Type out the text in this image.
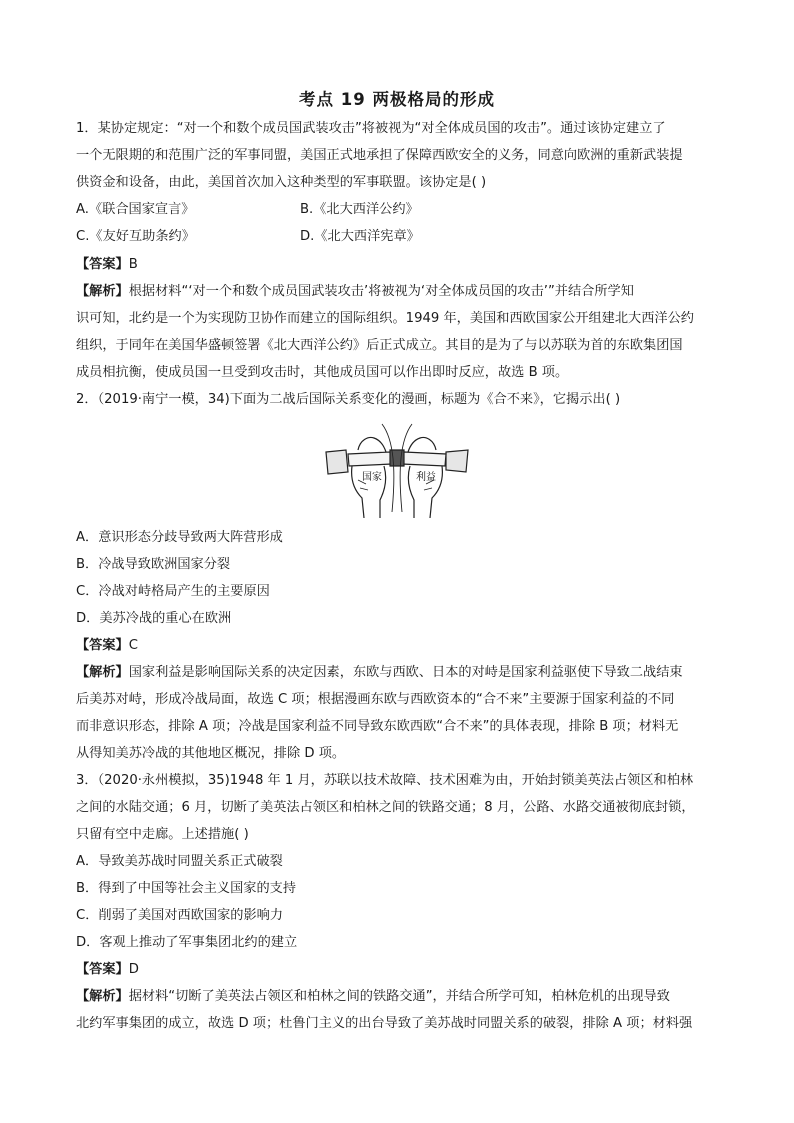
考点 19 两极格局的形成
1．某协定规定：“对一个和数个成员国武装攻击”将被视为“对全体成员国的攻击”。通过该协定建立了
一个无限期的和范围广泛的军事同盟，美国正式地承担了保障西欧安全的义务，同意向欧洲的重新武装提
供资金和设备，由此，美国首次加入这种类型的军事联盟。该协定是( )
A.《联合国家宣言》	B.《北大西洋公约》
C.《友好互助条约》	D.《北大西洋宪章》
【答案】B
【解析】根据材料“‘对一个和数个成员国武装攻击’将被视为‘对全体成员国的攻击’”并结合所学知
识可知，北约是一个为实现防卫协作而建立的国际组织。1949 年，美国和西欧国家公开组建北大西洋公约
组织，于同年在美国华盛顿签署《北大西洋公约》后正式成立。其目的是为了与以苏联为首的东欧集团国
成员相抗衡，使成员国一旦受到攻击时，其他成员国可以作出即时反应，故选 B 项。
2．（2019·南宁一模，34)下面为二战后国际关系变化的漫画，标题为《合不来》，它揭示出( )
国家	利益
A．意识形态分歧导致两大阵营形成
B．冷战导致欧洲国家分裂
C．冷战对峙格局产生的主要原因
D．美苏冷战的重心在欧洲
【答案】C
【解析】国家利益是影响国际关系的决定因素，东欧与西欧、日本的对峙是国家利益驱使下导致二战结束
后美苏对峙，形成冷战局面，故选 C 项；根据漫画东欧与西欧资本的“合不来”主要源于国家利益的不同
而非意识形态，排除 A 项；冷战是国家利益不同导致东欧西欧“合不来”的具体表现，排除 B 项；材料无
从得知美苏冷战的其他地区概况，排除 D 项。
3．（2020·永州模拟，35)1948 年 1 月，苏联以技术故障、技术困难为由，开始封锁美英法占领区和柏林
之间的水陆交通；6 月，切断了美英法占领区和柏林之间的铁路交通；8 月，公路、水路交通被彻底封锁，
只留有空中走廊。上述措施( )
A．导致美苏战时同盟关系正式破裂
B．得到了中国等社会主义国家的支持
C．削弱了美国对西欧国家的影响力
D．客观上推动了军事集团北约的建立
【答案】D
【解析】据材料“切断了美英法占领区和柏林之间的铁路交通”，并结合所学可知，柏林危机的出现导致
北约军事集团的成立，故选 D 项；杜鲁门主义的出台导致了美苏战时同盟关系的破裂，排除 A 项；材料强
